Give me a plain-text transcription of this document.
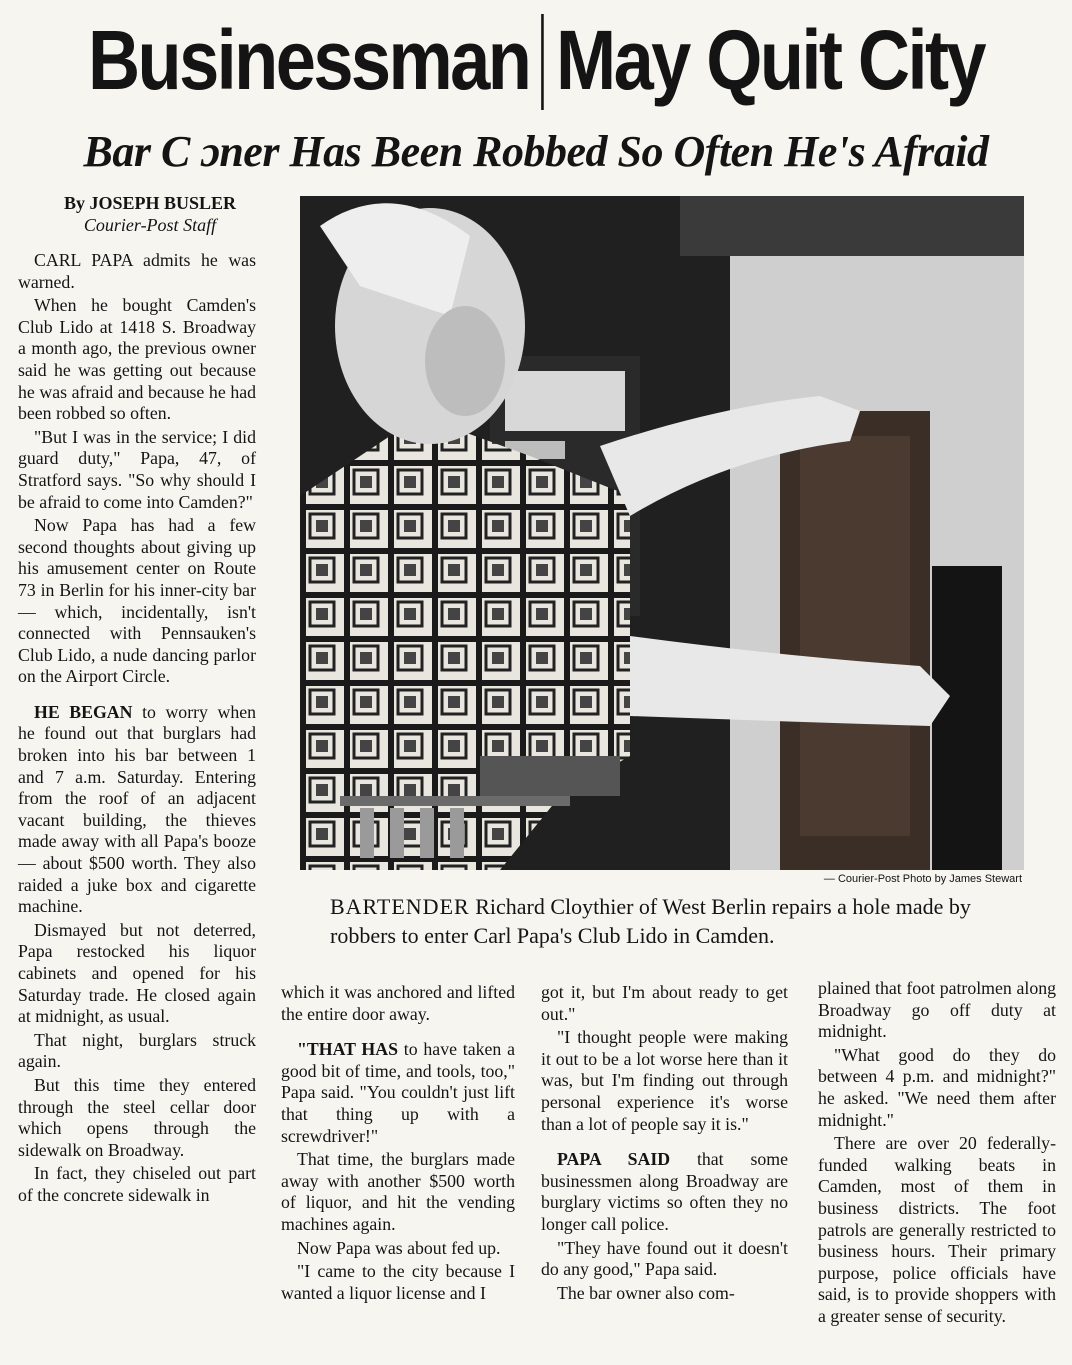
Businessman May Quit City
Bar C ɔner Has Been Robbed So Often He's Afraid
By JOSEPH BUSLER
Courier-Post Staff

CARL PAPA admits he was warned.

When he bought Camden's Club Lido at 1418 S. Broadway a month ago, the previous owner said he was getting out because he was afraid and because he had been robbed so often.

"But I was in the service; I did guard duty," Papa, 47, of Stratford says. "So why should I be afraid to come into Camden?"

Now Papa has had a few second thoughts about giving up his amusement center on Route 73 in Berlin for his inner-city bar — which, incidentally, isn't connected with Pennsauken's Club Lido, a nude dancing parlor on the Airport Circle.

HE BEGAN to worry when he found out that burglars had broken into his bar between 1 and 7 a.m. Saturday. Entering from the roof of an adjacent vacant building, the thieves made away with all Papa's booze — about $500 worth. They also raided a juke box and cigarette machine.

Dismayed but not deterred, Papa restocked his liquor cabinets and opened for his Saturday trade. He closed again at midnight, as usual.

That night, burglars struck again.

But this time they entered through the steel cellar door which opens through the sidewalk on Broadway.

In fact, they chiseled out part of the concrete sidewalk in

— Courier-Post Photo by James Stewart
BARTENDER Richard Cloythier of West Berlin repairs a hole made by robbers to enter Carl Papa's Club Lido in Camden.

which it was anchored and lifted the entire door away.

"THAT HAS to have taken a good bit of time, and tools, too," Papa said. "You couldn't just lift that thing up with a screwdriver!"

That time, the burglars made away with another $500 worth of liquor, and hit the vending machines again.

Now Papa was about fed up.

"I came to the city because I wanted a liquor license and I

got it, but I'm about ready to get out."

"I thought people were making it out to be a lot worse here than it was, but I'm finding out through personal experience it's worse than a lot of people say it is."

PAPA SAID that some businessmen along Broadway are burglary victims so often they no longer call police.

"They have found out it doesn't do any good," Papa said.

The bar owner also com-

plained that foot patrolmen along Broadway go off duty at midnight.

"What good do they do between 4 p.m. and midnight?" he asked. "We need them after midnight."

There are over 20 federally-funded walking beats in Camden, most of them in business districts. The foot patrols are generally restricted to business hours. Their primary purpose, police officials have said, is to provide shoppers with a greater sense of security.
